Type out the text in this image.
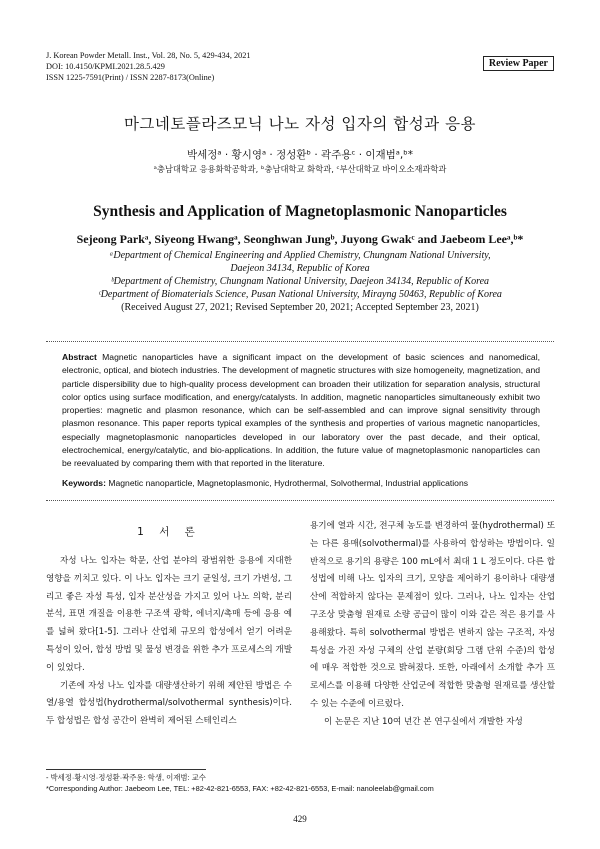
J. Korean Powder Metall. Inst., Vol. 28, No. 5, 429-434, 2021
DOI: 10.4150/KPMI.2021.28.5.429
ISSN 1225-7591(Print) / ISSN 2287-8173(Online)
Review Paper
마그네토플라즈모닉 나노 자성 입자의 합성과 응용
박세정ᵃ · 황시영ᵃ · 정성환ᵇ · 곽주용ᶜ · 이재범ᵃ,ᵇ*
ᵃ충남대학교 응용화학공학과, ᵇ충남대학교 화학과, ᶜ부산대학교 바이오소재과학과
Synthesis and Application of Magnetoplasmonic Nanoparticles
Sejeong Parkᵃ, Siyeong Hwangᵃ, Seonghwan Jungᵇ, Juyong Gwakᶜ and Jaebeom Leeᵃ,ᵇ*
ᵃDepartment of Chemical Engineering and Applied Chemistry, Chungnam National University,
Daejeon 34134, Republic of Korea
ᵇDepartment of Chemistry, Chungnam National University, Daejeon 34134, Republic of Korea
ᶜDepartment of Biomaterials Science, Pusan National University, Mirayng 50463, Republic of Korea
(Received August 27, 2021; Revised September 20, 2021; Accepted September 23, 2021)
Abstract Magnetic nanoparticles have a significant impact on the development of basic sciences and nanomedical, electronic, optical, and biotech industries. The development of magnetic structures with size homogeneity, magnetization, and particle dispersibility due to high-quality process development can broaden their utilization for separation analysis, structural color optics using surface modification, and energy/catalysts. In addition, magnetic nanoparticles simultaneously exhibit two properties: magnetic and plasmon resonance, which can be self-assembled and can improve signal sensitivity through plasmon resonance. This paper reports typical examples of the synthesis and properties of various magnetic nanoparticles, especially magnetoplasmonic nanoparticles developed in our laboratory over the past decade, and their optical, electrochemical, energy/catalytic, and bio-applications. In addition, the future value of magnetoplasmonic nanoparticles can be reevaluated by comparing them with that reported in the literature.
Keywords: Magnetic nanoparticle, Magnetoplasmonic, Hydrothermal, Solvothermal, Industrial applications
1 서 론

자성 나노 입자는 학문, 산업 분야의 광범위한 응용에 지대한 영향을 끼치고 있다. 이 나노 입자는 크기 균일성, 크기 가변성, 그리고 좋은 자성 특성, 입자 분산성을 가지고 있어 나노 의학, 분리 분석, 표면 개질을 이용한 구조색 광학, 에너지/촉매 등에 응용 예를 넓혀 왔다[1-5]. 그러나 산업체 규모의 합성에서 얻기 어려운 특성이 있어, 합성 방법 및 물성 변경을 위한 추가 프로세스의 개발이 있었다.

기존에 자성 나노 입자를 대량생산하기 위해 제안된 방법은 수열/용열 합성법(hydrothermal/solvothermal synthesis)이다. 두 합성법은 합성 공간이 완벽히 제어된 스테인리스

용기에 열과 시간, 전구체 농도를 변경하여 물(hydrothermal) 또는 다른 용매(solvothermal)를 사용하여 합성하는 방법이다. 일반적으로 용기의 용량은 100 mL에서 최대 1 L 정도이다. 다른 합성법에 비해 나노 입자의 크기, 모양을 제어하기 용이하나 대량생산에 적합하지 않다는 문제점이 있다. 그러나, 나노 입자는 산업 구조상 맞춤형 원재료 소량 공급이 많이 이와 같은 적은 용기를 사용해왔다. 특히 solvothermal 방법은 변하지 않는 구조적, 자성 특성을 가진 자성 구체의 산업 분량(회당 그램 단위 수준)의 합성에 매우 적합한 것으로 밝혀졌다. 또한, 아래에서 소개할 추가 프로세스를 이용해 다양한 산업군에 적합한 맞춤형 원재료를 생산할 수 있는 수준에 이르렀다.

이 논문은 지난 10여 년간 본 연구실에서 개발한 자성

- 박세정·황시영·정성환·곽주용: 학생, 이재범: 교수
*Corresponding Author: Jaebeom Lee, TEL: +82-42-821-6553, FAX: +82-42-821-6553, E-mail: nanoleelab@gmail.com
429
